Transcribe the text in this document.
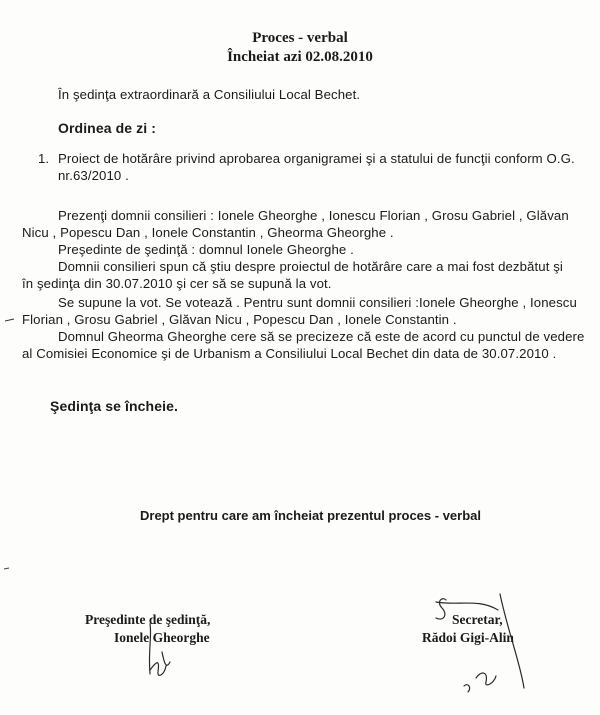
Proces - verbal
Încheiat azi 02.08.2010
În şedinţa extraordinară a Consiliului Local Bechet.
Ordinea de zi :
1. Proiect de hotărâre privind aprobarea organigramei şi a statului de funcţii conform O.G.
nr.63/2010 .
Prezenţi domnii consilieri : Ionele Gheorghe , Ionescu Florian , Grosu Gabriel , Glăvan
Nicu , Popescu Dan , Ionele Constantin , Gheorma Gheorghe .
Preşedinte de şedinţă : domnul Ionele Gheorghe .
Domnii consilieri spun că ştiu despre proiectul de hotărâre care a mai fost dezbătut şi
în şedinţa din 30.07.2010 şi cer să se supună la vot.
Se supune la vot. Se votează . Pentru sunt domnii consilieri :Ionele Gheorghe , Ionescu
Florian , Grosu Gabriel , Glăvan Nicu , Popescu Dan , Ionele Constantin .
Domnul Gheorma Gheorghe cere să se precizeze că este de acord cu punctul de vedere
al Comisiei Economice şi de Urbanism a Consiliului Local Bechet din data de 30.07.2010 .
Şedinţa se încheie.
Drept pentru care am încheiat prezentul proces - verbal
Preşedinte de şedinţă,
Ionele Gheorghe
Secretar,
Rădoi Gigi-Alin
